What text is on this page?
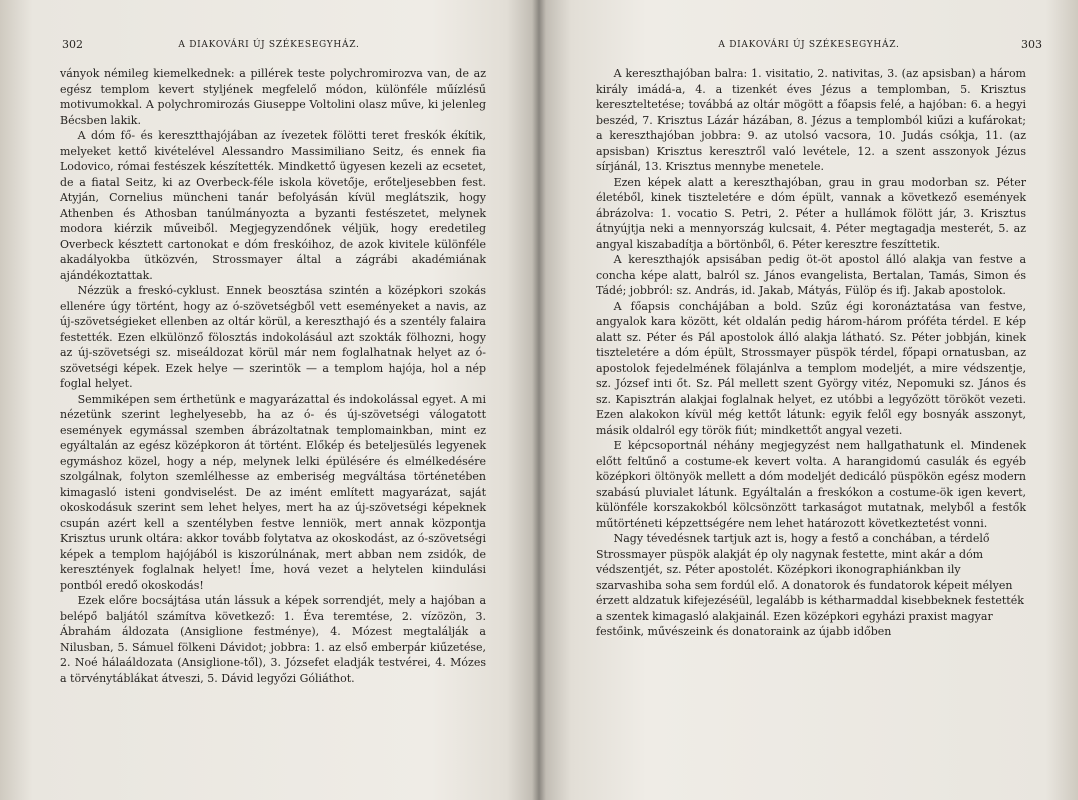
302	A DIAKOVÁRI ÚJ SZÉKESEGYHÁZ.

ványok némileg kiemelkednek: a pillérek teste polychromirozva van, de az egész templom kevert styljének megfelelő módon, különféle műízlésű motivumokkal. A polychromirozás Giuseppe Voltolini olasz műve, ki jelenleg Bécsben lakik.

A dóm fő- és keresztthajójában az ívezetek fölötti teret freskók ékítik, melyeket kettő kivételével Alessandro Massimiliano Seitz, és ennek fia Lodovico, római festészek készítették. Mindkettő ügyesen kezeli az ecsetet, de a fiatal Seitz, ki az Overbeck-féle iskola követője, erőteljesebben fest. Atyján, Cornelius müncheni tanár befolyásán kívül meglátszik, hogy Athenben és Athosban tanúlmányozta a byzanti festészetet, melynek modora kiérzik műveiből. Megjegyzendőnek véljük, hogy eredetileg Overbeck késztett cartonokat e dóm freskóihoz, de azok kivitele különféle akadályokba ütközvén, Strossmayer által a zágrábi akadémiának ajándékoztattak.

Nézzük a freskó-cyklust. Ennek beosztása szintén a középkori szokás ellenére úgy történt, hogy az ó-szövetségből vett eseményeket a navis, az új-szövetségieket ellenben az oltár körül, a kereszthajó és a szentély falaira festették. Ezen elkülönző fölosztás indokolásául azt szokták fölhozni, hogy az új-szövetségi sz. miseáldozat körül már nem foglalhatnak helyet az ó-szövetségi képek. Ezek helye — szerintök — a templom hajója, hol a nép foglal helyet.

Semmiképen sem érthetünk e magyarázattal és indokolással egyet. A mi nézetünk szerint leghelyesebb, ha az ó- és új-szövetségi válogatott események egymással szemben ábrázoltatnak templomainkban, mint ez egyáltalán az egész középkoron át történt. Előkép és beteljesülés legyenek egymáshoz közel, hogy a nép, melynek lelki épülésére és elmélkedésére szolgálnak, folyton szemlélhesse az emberiség megváltása történetében kimagasló isteni gondviselést. De az imént említett magyarázat, saját okoskodásuk szerint sem lehet helyes, mert ha az új-szövetségi képeknek csupán azért kell a szentélyben festve lenniök, mert annak központja Krisztus urunk oltára: akkor tovább folytatva az okoskodást, az ó-szövetségi képek a templom hajójából is kiszorúlnának, mert abban nem zsidók, de keresztények foglalnak helyet! Íme, hová vezet a helytelen kiindulási pontból eredő okoskodás!

Ezek előre bocsájtása után lássuk a képek sorrendjét, mely a hajóban a belépő baljától számítva következő: 1. Éva teremtése, 2. vízözön, 3. Ábrahám áldozata (Ansiglione festménye), 4. Mózest megtalálják a Nilusban, 5. Sámuel fölkeni Dávidot; jobbra: 1. az első emberpár kiűzetése, 2. Noé hálaáldozata (Ansiglione-től), 3. Józsefet eladják testvérei, 4. Mózes a törvénytáblákat átveszi, 5. Dávid legyőzi Góliáthot.

A DIAKOVÁRI ÚJ SZÉKESEGYHÁZ.	303

A kereszthajóban balra: 1. visitatio, 2. nativitas, 3. (az apsisban) a három király imádá-a, 4. a tizenkét éves Jézus a templomban, 5. Krisztus kereszteltetése; továbbá az oltár mögött a főapsis felé, a hajóban: 6. a hegyi beszéd, 7. Krisztus Lázár házában, 8. Jézus a templomból kiűzi a kufárokat; a kereszthajóban jobbra: 9. az utolsó vacsora, 10. Judás csókja, 11. (az apsisban) Krisztus keresztről való levétele, 12. a szent asszonyok Jézus sírjánál, 13. Krisztus mennybe menetele.

Ezen képek alatt a kereszthajóban, grau in grau modorban sz. Péter életéből, kinek tiszteletére e dóm épült, vannak a következő események ábrázolva: 1. vocatio S. Petri, 2. Péter a hullámok fölött jár, 3. Krisztus átnyújtja neki a mennyország kulcsait, 4. Péter megtagadja mesterét, 5. az angyal kiszabadítja a börtönből, 6. Péter keresztre feszíttetik.

A kereszthajók apsisában pedig öt-öt apostol álló alakja van festve a concha képe alatt, balról sz. János evangelista, Bertalan, Tamás, Simon és Tádé; jobbról: sz. András, id. Jakab, Mátyás, Fülöp és ifj. Jakab apostolok.

A főapsis conchájában a bold. Szűz égi koronáztatása van festve, angyalok kara között, két oldalán pedig három-három próféta térdel. E kép alatt sz. Péter és Pál apostolok álló alakja látható. Sz. Péter jobbján, kinek tiszteletére a dóm épült, Strossmayer püspök térdel, főpapi ornatusban, az apostolok fejedelmének fölajánlva a templom modeljét, a mire védszentje, sz. József inti őt. Sz. Pál mellett szent György vitéz, Nepomuki sz. János és sz. Kapisztrán alakjai foglalnak helyet, ez utóbbi a legyőzött törököt vezeti. Ezen alakokon kívül még kettőt látunk: egyik felől egy bosnyák asszonyt, másik oldalról egy török fiút; mindkettőt angyal vezeti.

E képcsoportnál néhány megjegyzést nem hallgathatunk el. Mindenek előtt feltűnő a costume-ek kevert volta. A harangidomú casulák és egyéb középkori öltönyök mellett a dóm modeljét dedicáló püspökön egész modern szabású pluvialet látunk. Egyáltalán a freskókon a costume-ök igen kevert, különféle korszakokból kölcsönzött tarkaságot mutatnak, melyből a festők műtörténeti képzettségére nem lehet határozott következtetést vonni.

Nagy tévedésnek tartjuk azt is, hogy a festő a conchában, a térdelő Strossmayer püspök alakját ép oly nagynak festette, mint akár a dóm védszentjét, sz. Péter apostolét. Középkori ikonographiánkban ily szarvashiba soha sem fordúl elő. A donatorok és fundatorok képeit mélyen érzett aldzatuk kifejezéséül, legalább is kétharmaddal kisebbeknek festették a szentek kimagasló alakjainál. Ezen középkori egyházi praxist magyar festőink, művészeink és donatoraink az újabb időben
